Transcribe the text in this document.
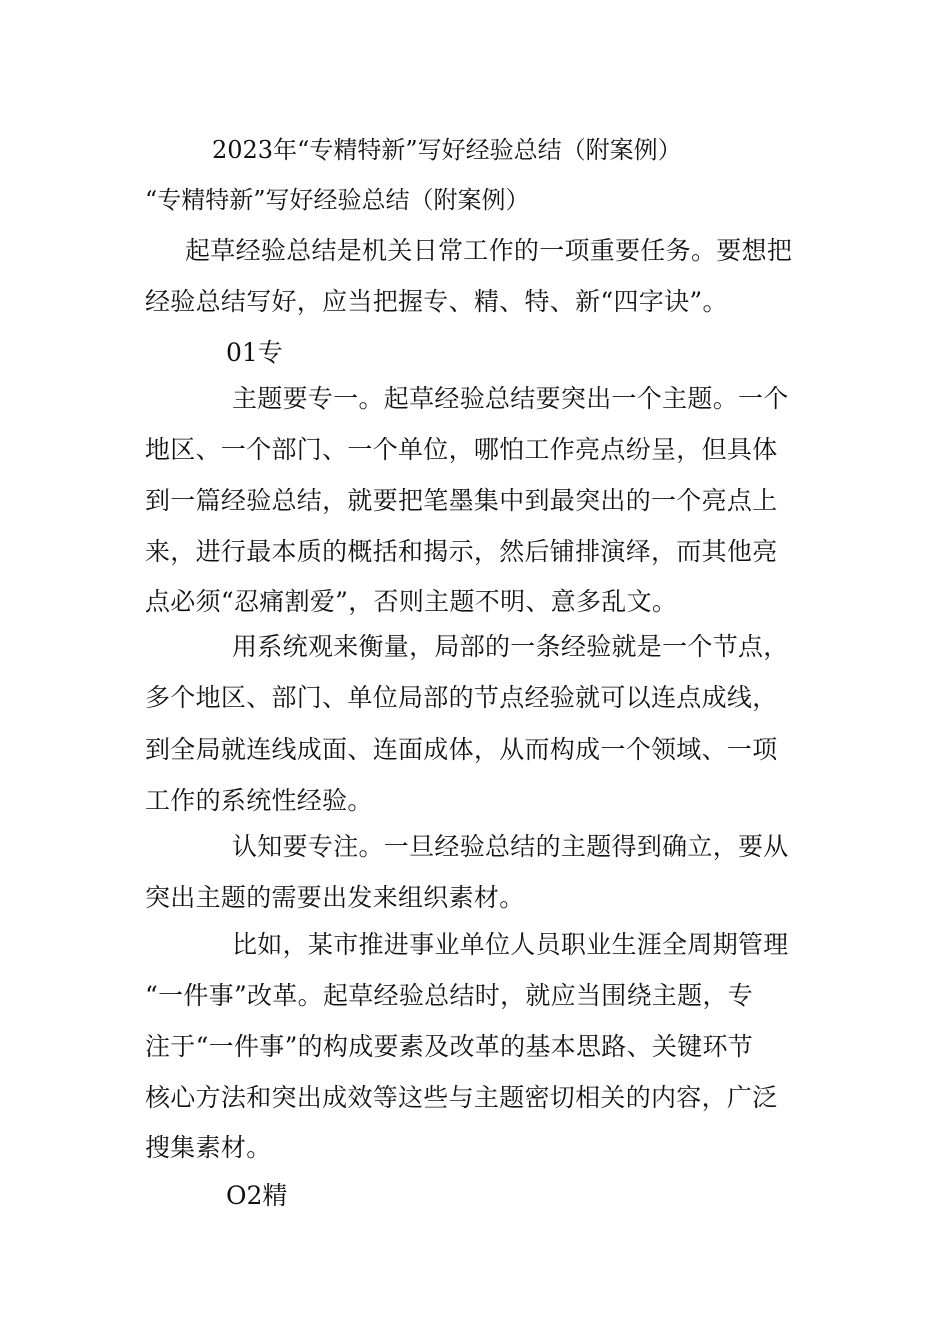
2023年“专精特新”写好经验总结（附案例）
“专精特新”写好经验总结（附案例）
起草经验总结是机关日常工作的一项重要任务。要想把
经验总结写好，应当把握专、精、特、新“四字诀”。
01专
主题要专一。起草经验总结要突出一个主题。一个
地区、一个部门、一个单位，哪怕工作亮点纷呈，但具体
到一篇经验总结，就要把笔墨集中到最突出的一个亮点上
来，进行最本质的概括和揭示，然后铺排演绎，而其他亮
点必须“忍痛割爱”，否则主题不明、意多乱文。
用系统观来衡量，局部的一条经验就是一个节点，
多个地区、部门、单位局部的节点经验就可以连点成线，
到全局就连线成面、连面成体，从而构成一个领域、一项
工作的系统性经验。
认知要专注。一旦经验总结的主题得到确立，要从
突出主题的需要出发来组织素材。
比如，某市推进事业单位人员职业生涯全周期管理
“一件事”改革。起草经验总结时，就应当围绕主题，专
注于“一件事”的构成要素及改革的基本思路、关键环节
核心方法和突出成效等这些与主题密切相关的内容，广泛
搜集素材。
O2精
